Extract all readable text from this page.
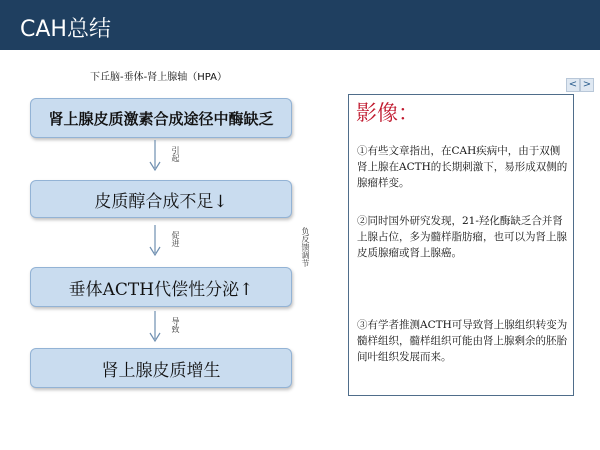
CAH总结
< >
下丘脑-垂体-肾上腺轴（HPA）
肾上腺皮质激素合成途径中酶缺乏
引起
皮质醇合成不足↓
促进
垂体ACTH代偿性分泌↑
导致
肾上腺皮质增生
负反馈调节
影像：
①有些文章指出，在CAH疾病中，由于双侧肾上腺在ACTH的长期刺激下，易形成双侧的腺瘤样变。
②同时国外研究发现，21-羟化酶缺乏合并肾上腺占位，多为髓样脂肪瘤，也可以为肾上腺皮质腺瘤或肾上腺癌。
③有学者推测ACTH可导致肾上腺组织转变为髓样组织，髓样组织可能由肾上腺剩余的胚胎间叶组织发展而来。
